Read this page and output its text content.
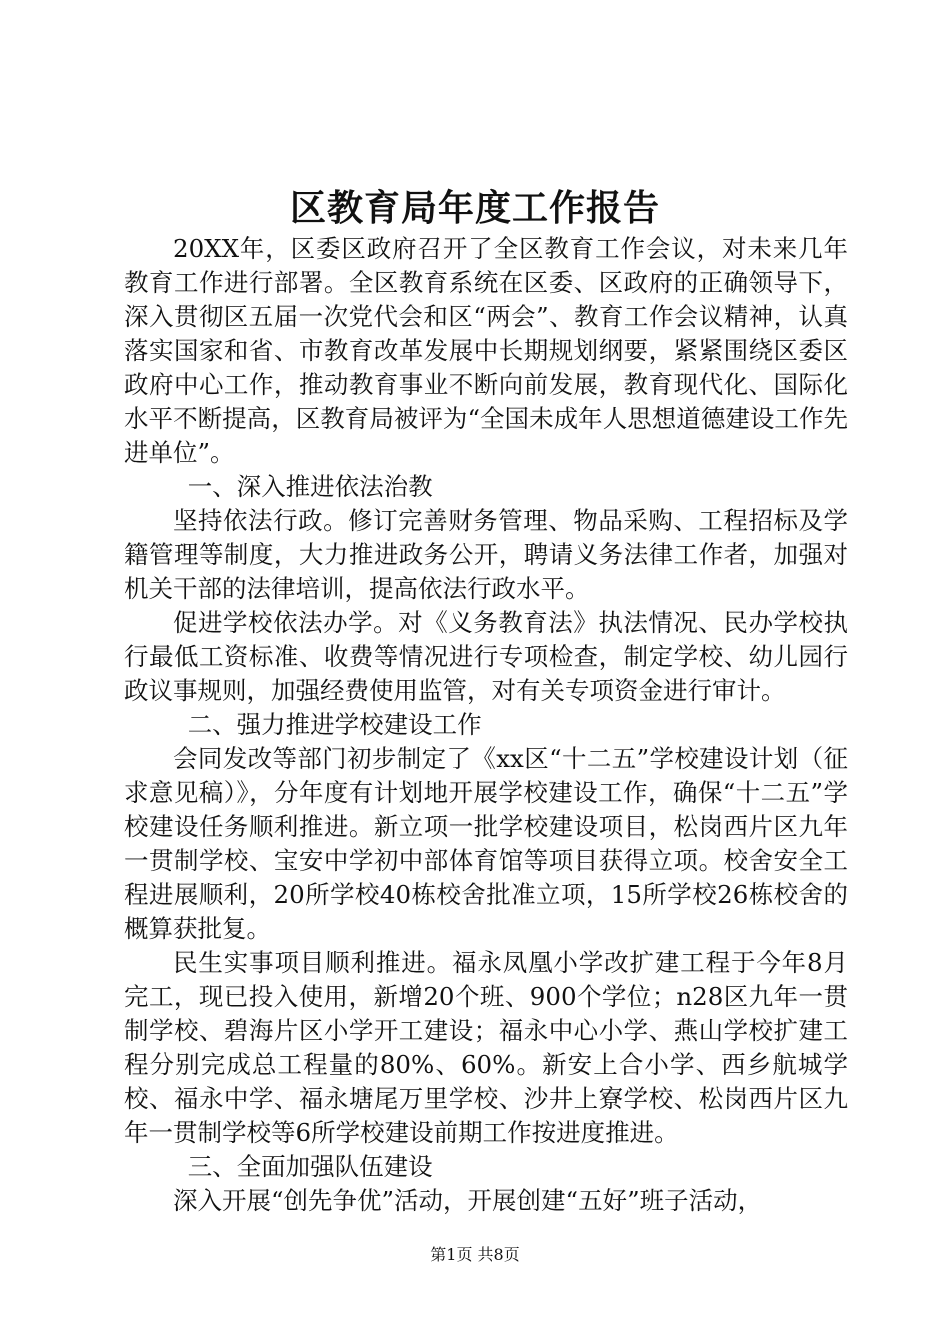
区教育局年度工作报告

20XX年，区委区政府召开了全区教育工作会议，对未来几年教育工作进行部署。全区教育系统在区委、区政府的正确领导下，深入贯彻区五届一次党代会和区“两会”、教育工作会议精神，认真落实国家和省、市教育改革发展中长期规划纲要，紧紧围绕区委区政府中心工作，推动教育事业不断向前发展，教育现代化、国际化水平不断提高，区教育局被评为“全国未成年人思想道德建设工作先进单位”。

一、深入推进依法治教

坚持依法行政。修订完善财务管理、物品采购、工程招标及学籍管理等制度，大力推进政务公开，聘请义务法律工作者，加强对机关干部的法律培训，提高依法行政水平。

促进学校依法办学。对《义务教育法》执法情况、民办学校执行最低工资标准、收费等情况进行专项检查，制定学校、幼儿园行政议事规则，加强经费使用监管，对有关专项资金进行审计。

二、强力推进学校建设工作

会同发改等部门初步制定了《xx区“十二五”学校建设计划（征求意见稿）》，分年度有计划地开展学校建设工作，确保“十二五”学校建设任务顺利推进。新立项一批学校建设项目，松岗西片区九年一贯制学校、宝安中学初中部体育馆等项目获得立项。校舍安全工程进展顺利，20所学校40栋校舍批准立项，15所学校26栋校舍的概算获批复。

民生实事项目顺利推进。福永凤凰小学改扩建工程于今年8月完工，现已投入使用，新增20个班、900个学位；n28区九年一贯制学校、碧海片区小学开工建设；福永中心小学、燕山学校扩建工程分别完成总工程量的80%、60%。新安上合小学、西乡航城学校、福永中学、福永塘尾万里学校、沙井上寮学校、松岗西片区九年一贯制学校等6所学校建设前期工作按进度推进。

三、全面加强队伍建设

深入开展“创先争优”活动，开展创建“五好”班子活动，

第1页 共8页
